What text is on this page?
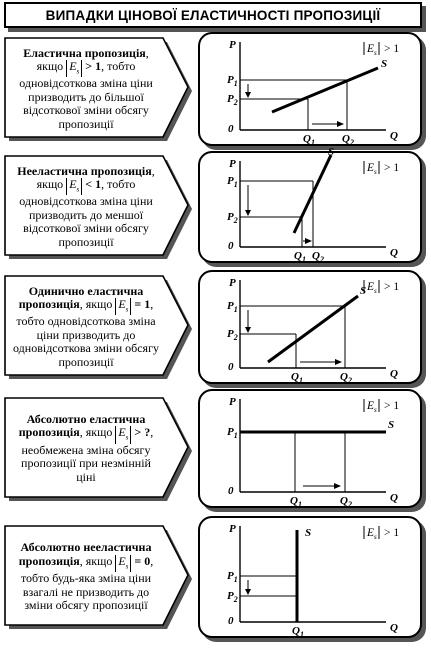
ВИПАДКИ ЦІНОВОЇ ЕЛАСТИЧНОСТІ ПРОПОЗИЦІЇ
Еластична пропозиція, якщо $E_s > 1$, тобто одновідсоткова зміна ціни призводить до більшої відсоткової зміни обсягу пропозиції
P
Q
0
E s > 1
S
$P_1$
$P_2$
$Q_1$ $Q_2$
Нееластична пропозиція, якщо $E_s < 1$, тобто одновідсоткова зміна ціни призводить до меншої відсоткової зміни обсягу пропозиції
P
Q
0
E s > 1
S
$P_1$
$P_2$
$Q_1$ $Q_2$
Одинично еластична пропозиція, якщо $E_s = 1$, тобто одновідсоткова зміна ціни призводить до одновідсоткова зміни обсягу пропозиції
P
Q
0
E s > 1
S
$P_1$
$P_2$
$Q_1$	$Q_2$
Абсолютно еластична пропозиція, якщо $E_s$ > ?, необмежена зміна обсягу пропозиції при незмінній ціні
P
Q
0
E s > 1
S
$P_1$
$Q_1$	$Q_2$
Абсолютно нееластична пропозиція, якщо $E_s = 0$, тобто будь-яка зміна ціни взагалі не призводить до зміни обсягу пропозиції
P
Q
0
E s > 1
S
$P_1$
$P_2$
$Q_1$
